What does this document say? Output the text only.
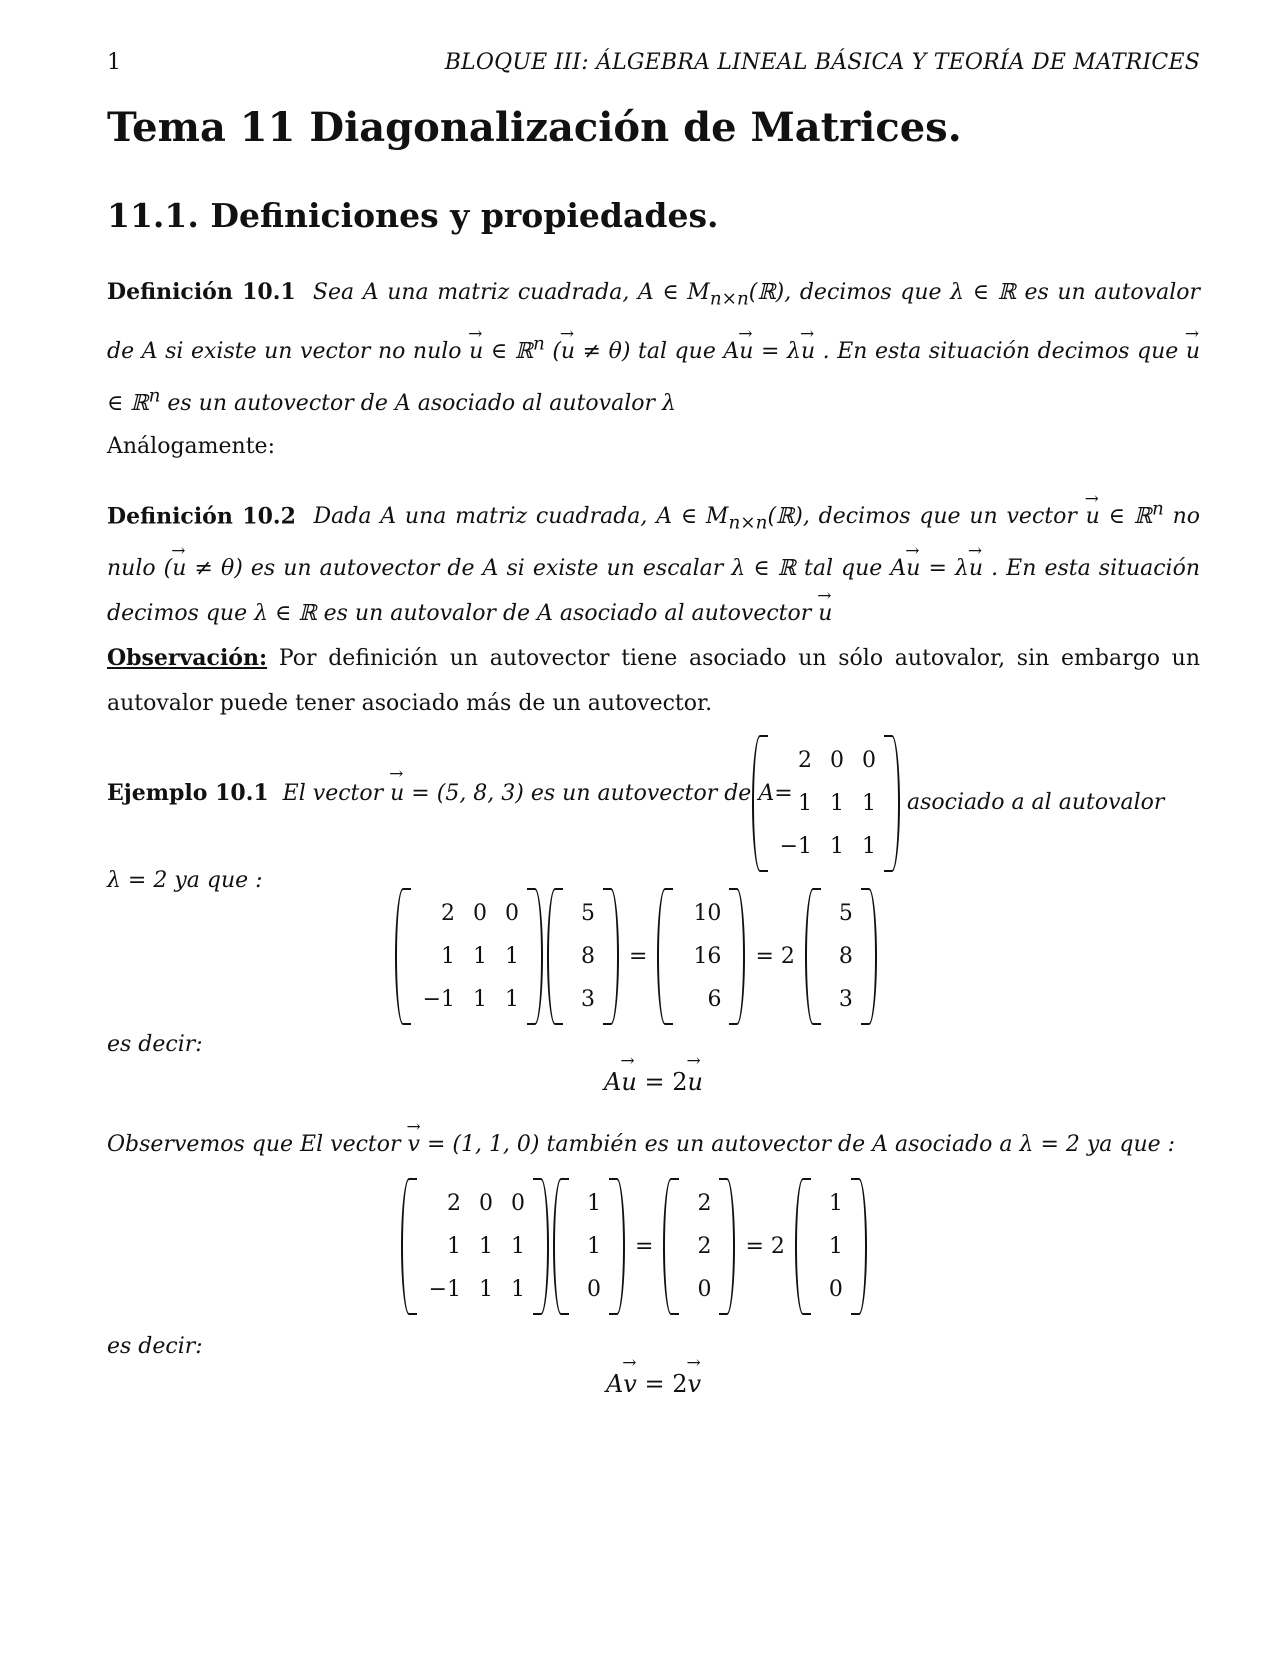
1	BLOQUE III: ÁLGEBRA LINEAL BÁSICA Y TEORÍA DE MATRICES
Tema 11 Diagonalización de Matrices.
11.1. Definiciones y propiedades.
Definición 10.1 Sea A una matriz cuadrada, A ∈ $M_{n\times n}(ℝ)$, decimos que λ ∈ ℝ es un autovalor de A si existe un vector no nulo → u ∈ ℝ$^n$ (→ u ≠ θ) tal que A→ u = λ→ u . En esta situación decimos que → u ∈ ℝ$^n$ es un autovector de A asociado al autovalor λ
Análogamente:
Definición 10.2 Dada A una matriz cuadrada, A ∈ $M_{n\times n}(ℝ)$, decimos que un vector → u ∈ ℝ$^n$ no nulo (→ u ≠ θ) es un autovector de A si existe un escalar λ ∈ ℝ tal que A→ u = λ→ u . En esta situación decimos que λ ∈ ℝ es un autovalor de A asociado al autovector → u
Observación: Por definición un autovector tiene asociado un sólo autovalor, sin embargo un autovalor puede tener asociado más de un autovector.
Ejemplo 10.1 El vector → u = (5, 8, 3) es un autovector de A=
2 0 0
1 1 1
−1 1 1
asociado a al autovalor
λ = 2 ya que :
2 0 0
1 1 1
−1 1 1
5
8
3
=
10
16
6
= 2
5
8
3
es decir:
A→ u = 2→ u
Observemos que El vector → v = (1, 1, 0) también es un autovector de A asociado a λ = 2 ya que :
2 0 0
1 1 1
−1 1 1
1
1
0
=
2
2
0
= 2
1
1
0
es decir:
A→ v = 2→ v
